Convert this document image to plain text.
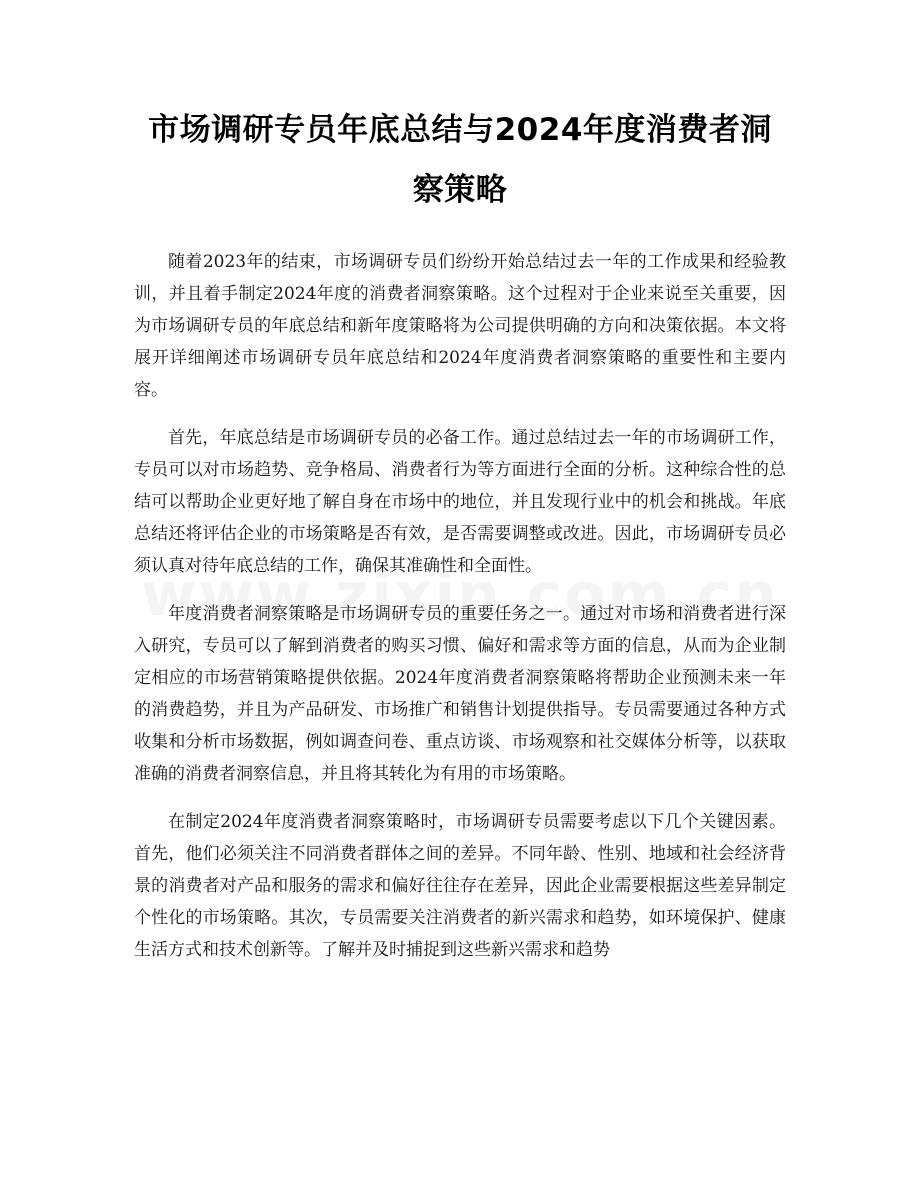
市场调研专员年底总结与2024年度消费者洞察策略

随着2023年的结束，市场调研专员们纷纷开始总结过去一年的工作成果和经验教训，并且着手制定2024年度的消费者洞察策略。这个过程对于企业来说至关重要，因为市场调研专员的年底总结和新年度策略将为公司提供明确的方向和决策依据。本文将展开详细阐述市场调研专员年底总结和2024年度消费者洞察策略的重要性和主要内容。

首先，年底总结是市场调研专员的必备工作。通过总结过去一年的市场调研工作，专员可以对市场趋势、竞争格局、消费者行为等方面进行全面的分析。这种综合性的总结可以帮助企业更好地了解自身在市场中的地位，并且发现行业中的机会和挑战。年底总结还将评估企业的市场策略是否有效，是否需要调整或改进。因此，市场调研专员必须认真对待年底总结的工作，确保其准确性和全面性。

年度消费者洞察策略是市场调研专员的重要任务之一。通过对市场和消费者进行深入研究，专员可以了解到消费者的购买习惯、偏好和需求等方面的信息，从而为企业制定相应的市场营销策略提供依据。2024年度消费者洞察策略将帮助企业预测未来一年的消费趋势，并且为产品研发、市场推广和销售计划提供指导。专员需要通过各种方式收集和分析市场数据，例如调查问卷、重点访谈、市场观察和社交媒体分析等，以获取准确的消费者洞察信息，并且将其转化为有用的市场策略。

在制定2024年度消费者洞察策略时，市场调研专员需要考虑以下几个关键因素。首先，他们必须关注不同消费者群体之间的差异。不同年龄、性别、地域和社会经济背景的消费者对产品和服务的需求和偏好往往存在差异，因此企业需要根据这些差异制定个性化的市场策略。其次，专员需要关注消费者的新兴需求和趋势，如环境保护、健康生活方式和技术创新等。了解并及时捕捉到这些新兴需求和趋势
